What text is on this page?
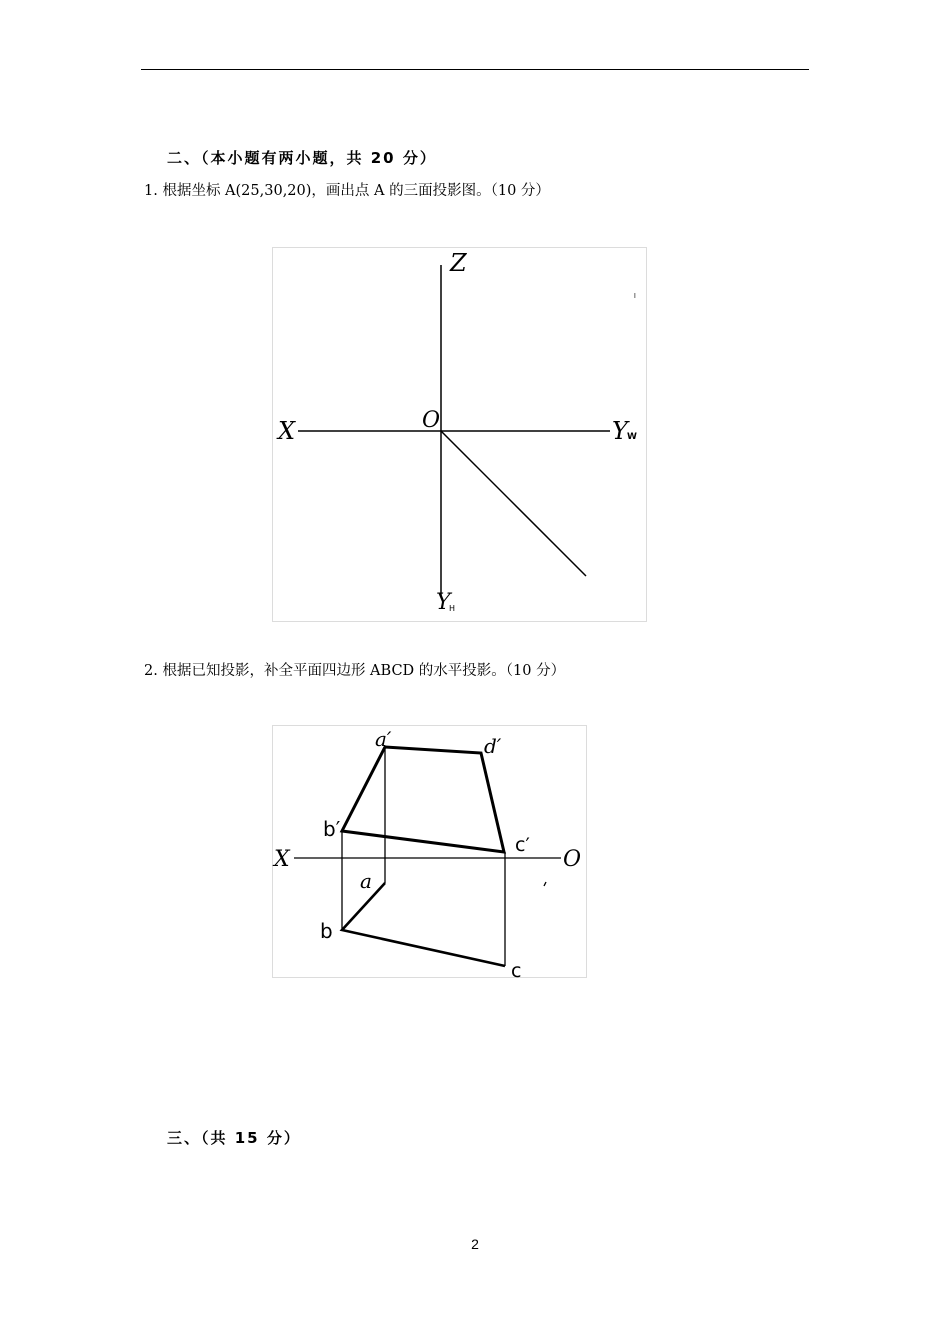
二、（本小题有两小题，共 20 分）
1. 根据坐标 A(25,30,20)，画出点 A 的三面投影图。（10 分）
Z
O
X	Y W
Y
H
2. 根据已知投影，补全平面四边形 ABCD 的水平投影。（10 分）
a′	d′
b′
c′
X	O
a
b
c
三、（共 15 分）
2
